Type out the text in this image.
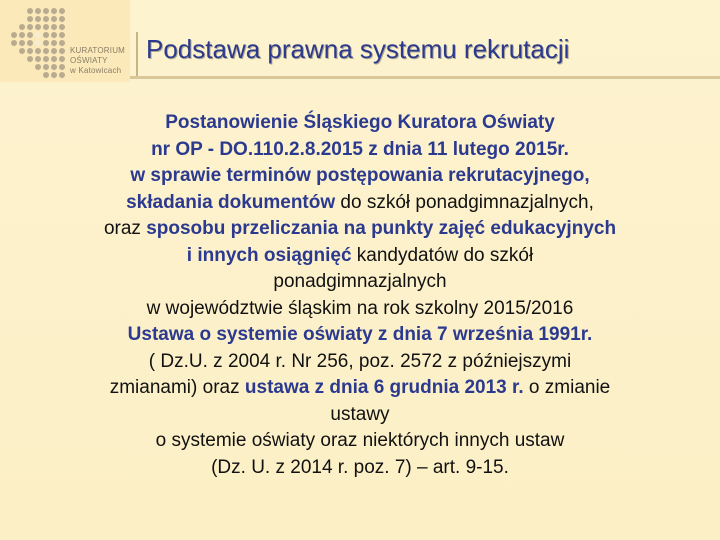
KURATORIUM
OŚWIATY
w Katowicach
Podstawa prawna systemu rekrutacji

Postanowienie Śląskiego Kuratora Oświaty

nr OP - DO.110.2.8.2015 z dnia 11 lutego 2015r.

w sprawie terminów postępowania rekrutacyjnego,

składania dokumentów do szkół ponadgimnazjalnych,

oraz sposobu przeliczania na punkty zajęć edukacyjnych

i innych osiągnięć kandydatów do szkół

ponadgimnazjalnych

w województwie śląskim na rok szkolny 2015/2016

Ustawa o systemie oświaty z dnia 7 września 1991r.

( Dz.U. z 2004 r. Nr 256, poz. 2572 z późniejszymi

zmianami) oraz ustawa z dnia 6 grudnia 2013 r. o zmianie

ustawy

o systemie oświaty oraz niektórych innych ustaw

(Dz. U. z 2014 r. poz. 7) – art. 9-15.
